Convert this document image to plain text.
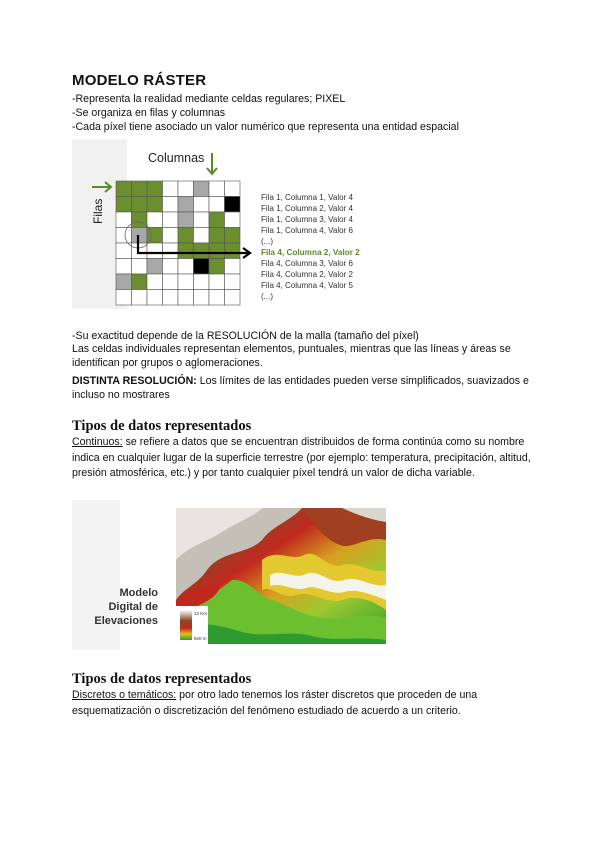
MODELO RÁSTER
-Representa la realidad mediante celdas regulares; PIXEL
-Se organiza en filas y columnas
-Cada píxel tiene asociado un valor numérico que representa una entidad espacial
Columnas
Filas
Fila 1, Columna 1, Valor 4
Fila 1, Columna 2, Valor 4
Fila 1, Columna 3, Valor 4
Fila 1, Columna 4, Valor 6
(...)
Fila 4, Columna 2, Valor 2
Fila 4, Columna 3, Valor 6
Fila 4, Columna 2, Valor 2
Fila 4, Columna 4, Valor 5
(...)
-Su exactitud depende de la RESOLUCIÓN de la malla (tamaño del píxel)
Las celdas individuales representan elementos, puntuales, mientras que las líneas y áreas se identifican por grupos o aglomeraciones.
DISTINTA RESOLUCIÓN: Los límites de las entidades pueden verse simplificados, suavizados e incluso no mostrares
Tipos de datos representados
Continuos: se refiere a datos que se encuentran distribuidos de forma continúa como su nombre indica en cualquier lugar de la superficie terrestre (por ejemplo: temperatura, precipitación, altitud, presión atmosférica, etc.) y por tanto cualquier píxel tendrá un valor de dicha variable.
12 Km
500 m
Modelo
Digital de
Elevaciones
Tipos de datos representados
Discretos o temáticos: por otro lado tenemos los ráster discretos que proceden de una esquematización o discretización del fenómeno estudiado de acuerdo a un criterio.
